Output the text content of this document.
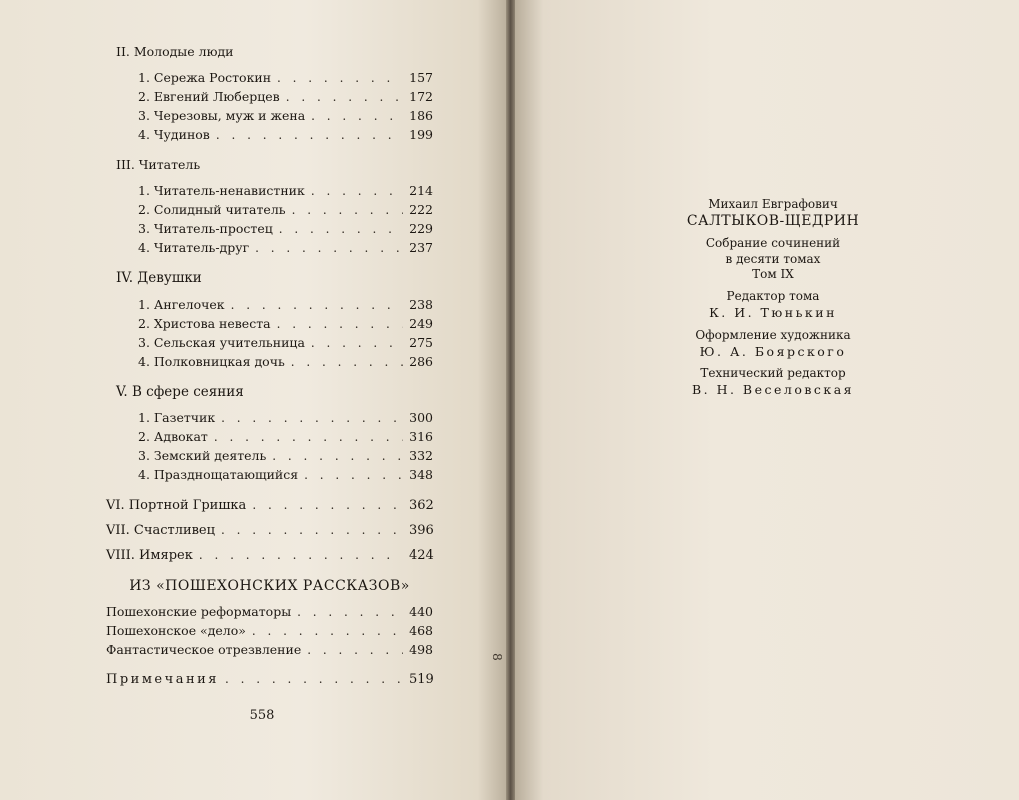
II. Молодые люди
1. Сережа Ростокин . . .	157
2. Евгений Люберцев . . .	172
3. Черезовы, муж и жена . . .	186
4. Чудинов . . .	199
III. Читатель
1. Читатель-ненавистник . . .	214
2. Солидный читатель . . .	222
3. Читатель-простец . . .	229
4. Читатель-друг . . .	237
IV. Девушки
1. Ангелочек . . .	238
2. Христова невеста . . .	249
3. Сельская учительница . . .	275
4. Полковницкая дочь . . .	286
V. В сфере сеяния
1. Газетчик . . .	300
2. Адвокат . . .	316
3. Земский деятель . . .	332
4. Празднощатающийся . . .	348
VI. Портной Гришка . . .	362
VII. Счастливец . . .	396
VIII. Имярек . . .	424
ИЗ «ПОШЕХОНСКИХ РАССКАЗОВ»
Пошехонские реформаторы . . .	440
Пошехонское «дело» . . .	468
Фантастическое отрезвление . . .	498
Примечания . . .	519
558
8
Михаил Евграфович
САЛТЫКОВ-ЩЕДРИН
Собрание сочинений
в десяти томах
Том IX
Редактор тома
К. И. Тюнькин
Оформление художника
Ю. А. Боярского
Технический редактор
В. Н. Веселовская
